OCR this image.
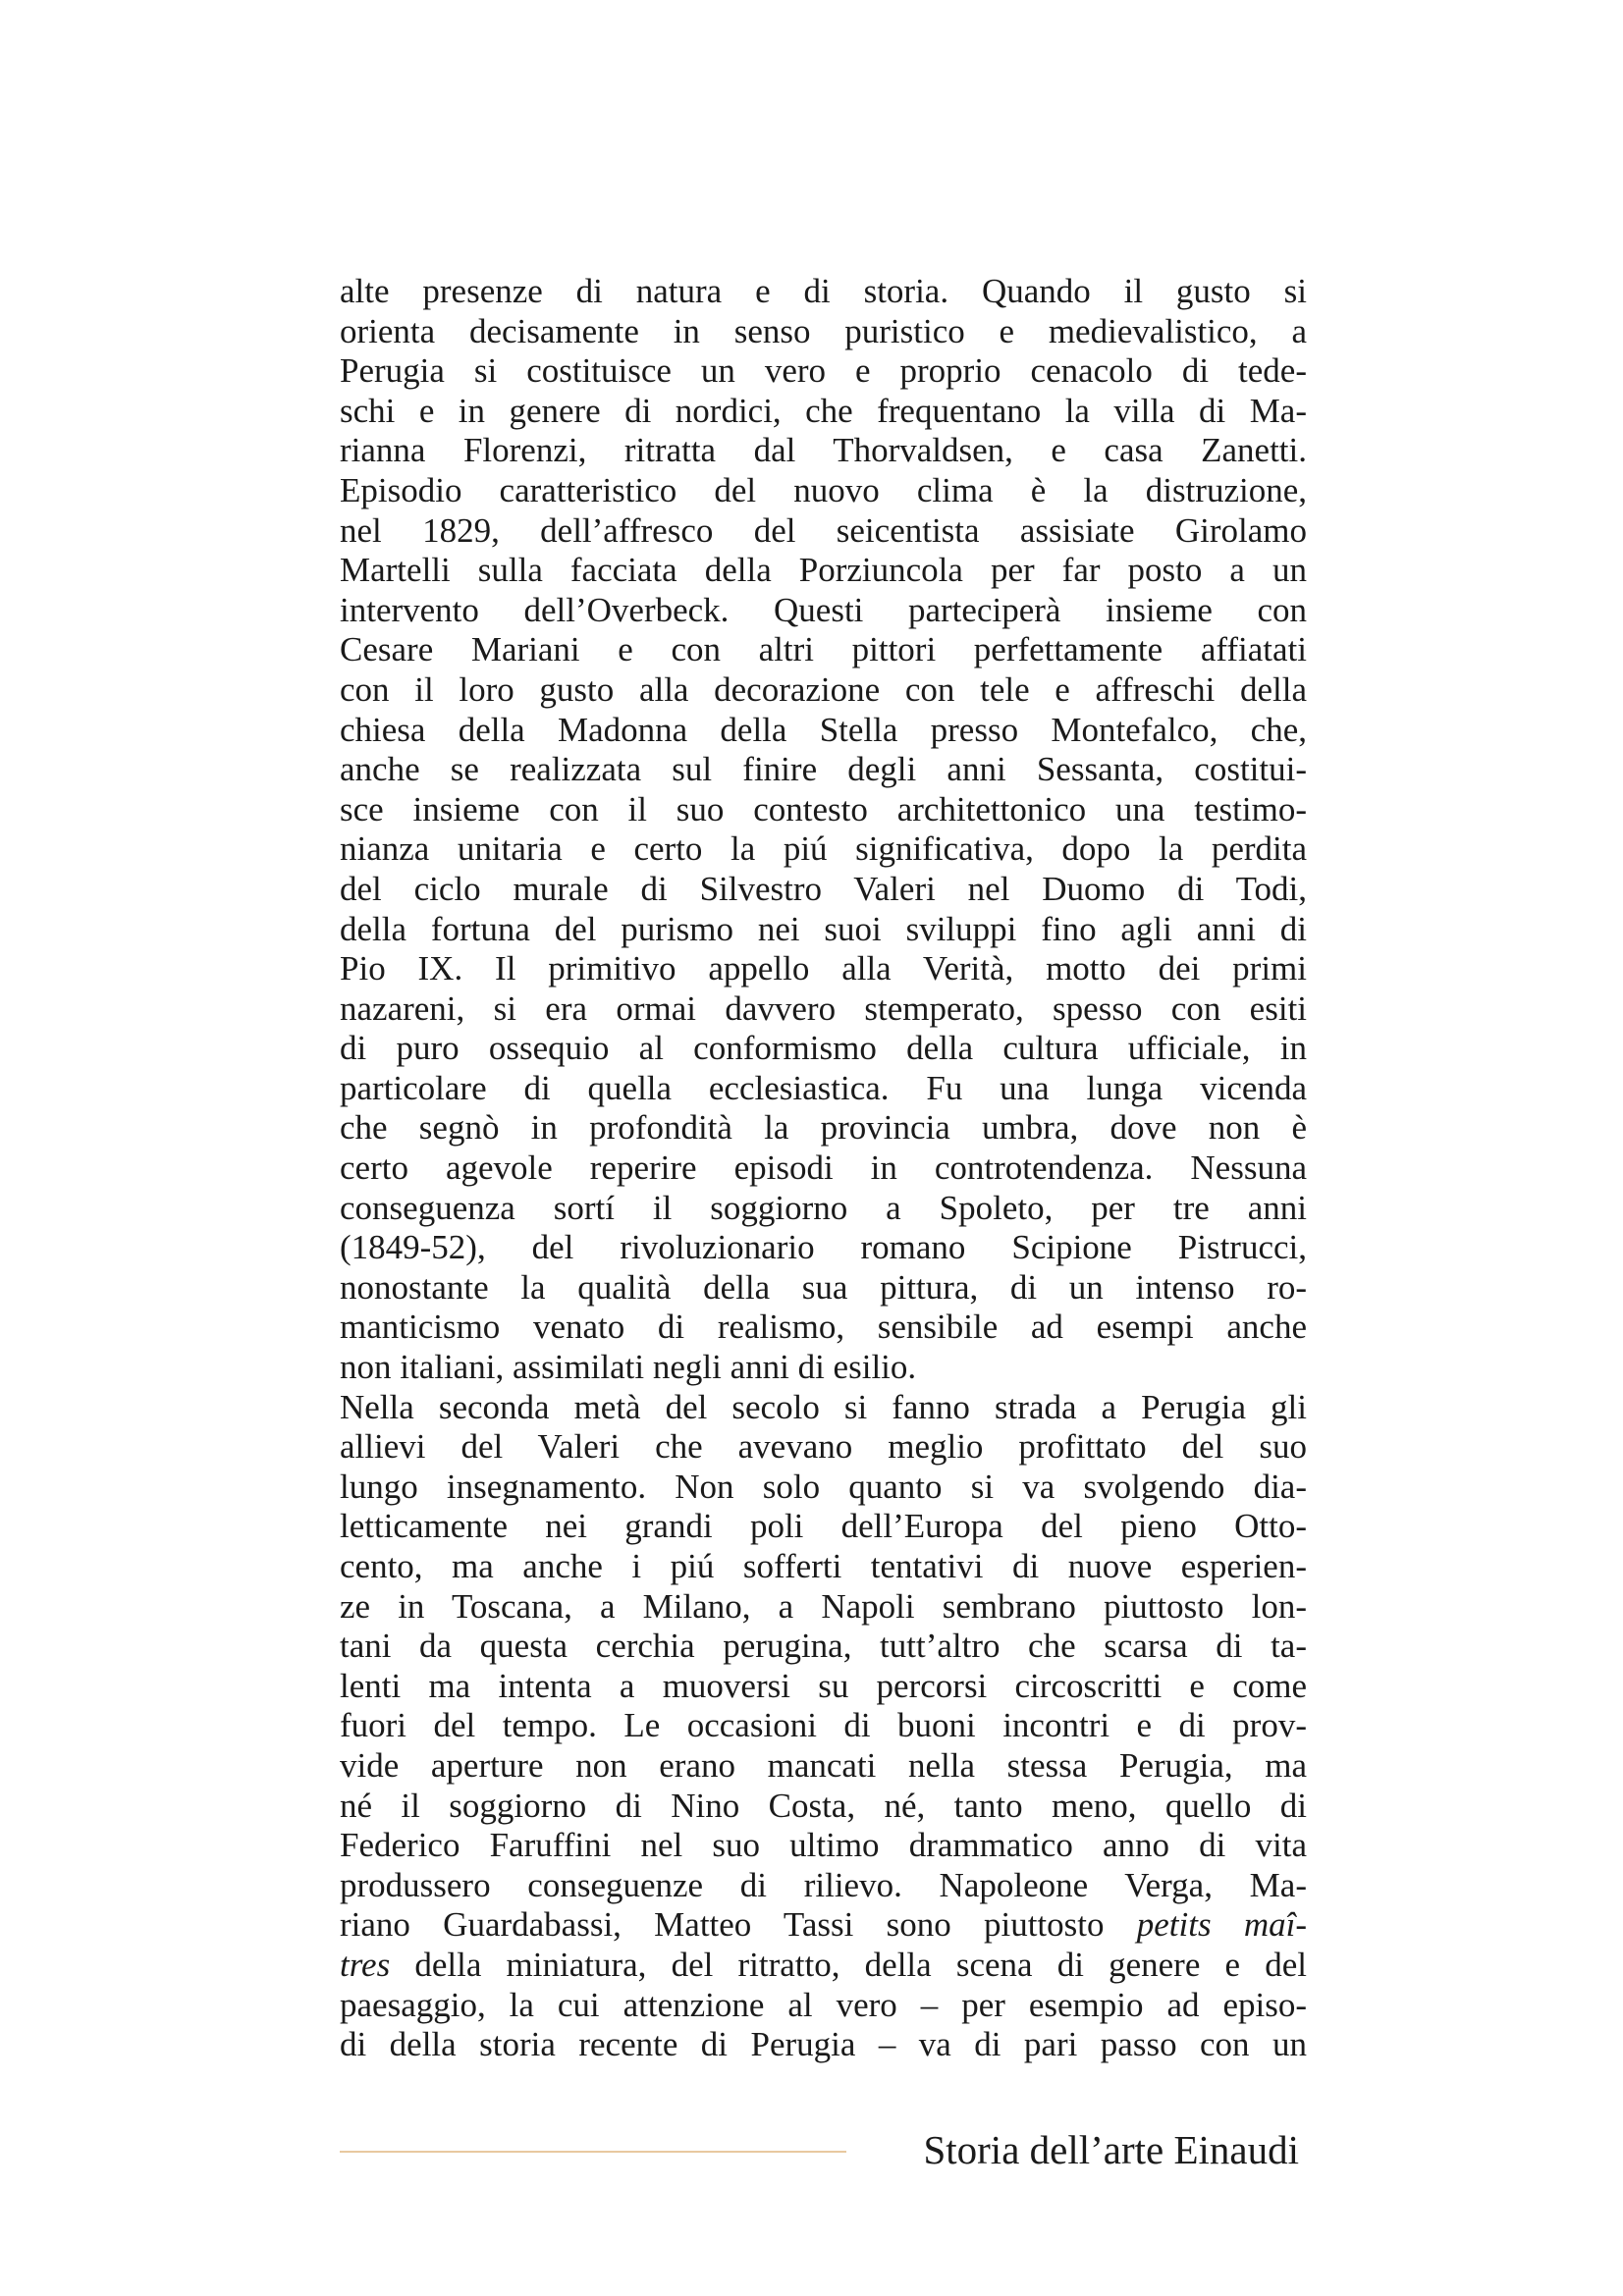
alte presenze di natura e di storia. Quando il gusto si
orienta decisamente in senso puristico e medievalistico, a
Perugia si costituisce un vero e proprio cenacolo di tede-
schi e in genere di nordici, che frequentano la villa di Ma-
rianna Florenzi, ritratta dal Thorvaldsen, e casa Zanetti.
Episodio caratteristico del nuovo clima è la distruzione,
nel 1829, dell’affresco del seicentista assisiate Girolamo
Martelli sulla facciata della Porziuncola per far posto a un
intervento dell’Overbeck. Questi parteciperà insieme con
Cesare Mariani e con altri pittori perfettamente affiatati
con il loro gusto alla decorazione con tele e affreschi della
chiesa della Madonna della Stella presso Montefalco, che,
anche se realizzata sul finire degli anni Sessanta, costitui-
sce insieme con il suo contesto architettonico una testimo-
nianza unitaria e certo la piú significativa, dopo la perdita
del ciclo murale di Silvestro Valeri nel Duomo di Todi,
della fortuna del purismo nei suoi sviluppi fino agli anni di
Pio IX. Il primitivo appello alla Verità, motto dei primi
nazareni, si era ormai davvero stemperato, spesso con esiti
di puro ossequio al conformismo della cultura ufficiale, in
particolare di quella ecclesiastica. Fu una lunga vicenda
che segnò in profondità la provincia umbra, dove non è
certo agevole reperire episodi in controtendenza. Nessuna
conseguenza sortí il soggiorno a Spoleto, per tre anni
(1849-52), del rivoluzionario romano Scipione Pistrucci,
nonostante la qualità della sua pittura, di un intenso ro-
manticismo venato di realismo, sensibile ad esempi anche
non italiani, assimilati negli anni di esilio.
Nella seconda metà del secolo si fanno strada a Perugia gli
allievi del Valeri che avevano meglio profittato del suo
lungo insegnamento. Non solo quanto si va svolgendo dia-
letticamente nei grandi poli dell’Europa del pieno Otto-
cento, ma anche i piú sofferti tentativi di nuove esperien-
ze in Toscana, a Milano, a Napoli sembrano piuttosto lon-
tani da questa cerchia perugina, tutt’altro che scarsa di ta-
lenti ma intenta a muoversi su percorsi circoscritti e come
fuori del tempo. Le occasioni di buoni incontri e di prov-
vide aperture non erano mancati nella stessa Perugia, ma
né il soggiorno di Nino Costa, né, tanto meno, quello di
Federico Faruffini nel suo ultimo drammatico anno di vita
produssero conseguenze di rilievo. Napoleone Verga, Ma-
riano Guardabassi, Matteo Tassi sono piuttosto petits maî-
tres della miniatura, del ritratto, della scena di genere e del
paesaggio, la cui attenzione al vero – per esempio ad episo-
di della storia recente di Perugia – va di pari passo con un
Storia dell’arte Einaudi
